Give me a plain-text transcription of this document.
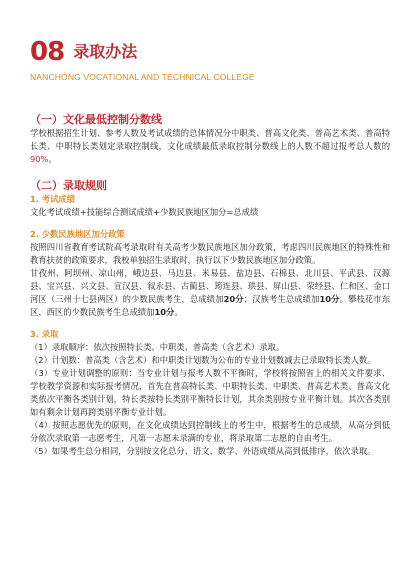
08 录取办法
NANCHONG VOCATIONAL AND TECHNICAL COLLEGE
（一）文化最低控制分数线

学校根据招生计划、参考人数及考试成绩的总体情况分中职类、普高文化类、普高艺术类、普高特长类、中职特长类划定录取控制线，文化成绩最低录取控制分数线上的人数不超过报考总人数的90%。

（二）录取规则
1. 考试成绩

文化考试成绩+技能综合测试成绩+少数民族地区加分=总成绩

2. 少数民族地区加分政策

按照四川省教育考试院高考录取时有关高考少数民族地区加分政策，考虑四川民族地区的特殊性和教育扶贫的政策要求，我校单独招生录取时，执行以下少数民族地区加分政策。

甘孜州、阿坝州、凉山州，峨边县、马边县、米易县、盐边县、石棉县、北川县、平武县、汉源县、宝兴县、兴文县、宣汉县、叙永县、古蔺县、筠连县、珙县、屏山县、荥经县、仁和区、金口河区（三州十七县两区）的少数民族考生，总成绩加20分；汉族考生总成绩加10分。攀枝花市东区、西区的少数民族考生总成绩加10分。

3. 录取

（1）录取顺序：依次按照特长类、中职类、普高类（含艺术）录取。

（2）计划数：普高类（含艺术）和中职类计划数为公布的专业计划数减去已录取特长类人数。

（3）专业计划调整的原则：当专业计划与报考人数不平衡时，学校将按照省上的相关文件要求、学校教学资源和实际报考情况，首先在普高特长类、中职特长类、中职类、普高艺术类、普高文化类依次平衡各类别计划，特长类按特长类别平衡特长计划，其余类别按专业平衡计划。其次各类别如有剩余计划再跨类别平衡专业计划。

（4）按照志愿优先的原则，在文化成绩达到控制线上的考生中，根据考生的总成绩，从高分到低分依次录取第一志愿考生，凡第一志愿未录满的专业，将录取第二志愿的自由考生。

（5）如果考生总分相同，分别按文化总分、语文、数学、外语成绩从高到低排序，依次录取。
